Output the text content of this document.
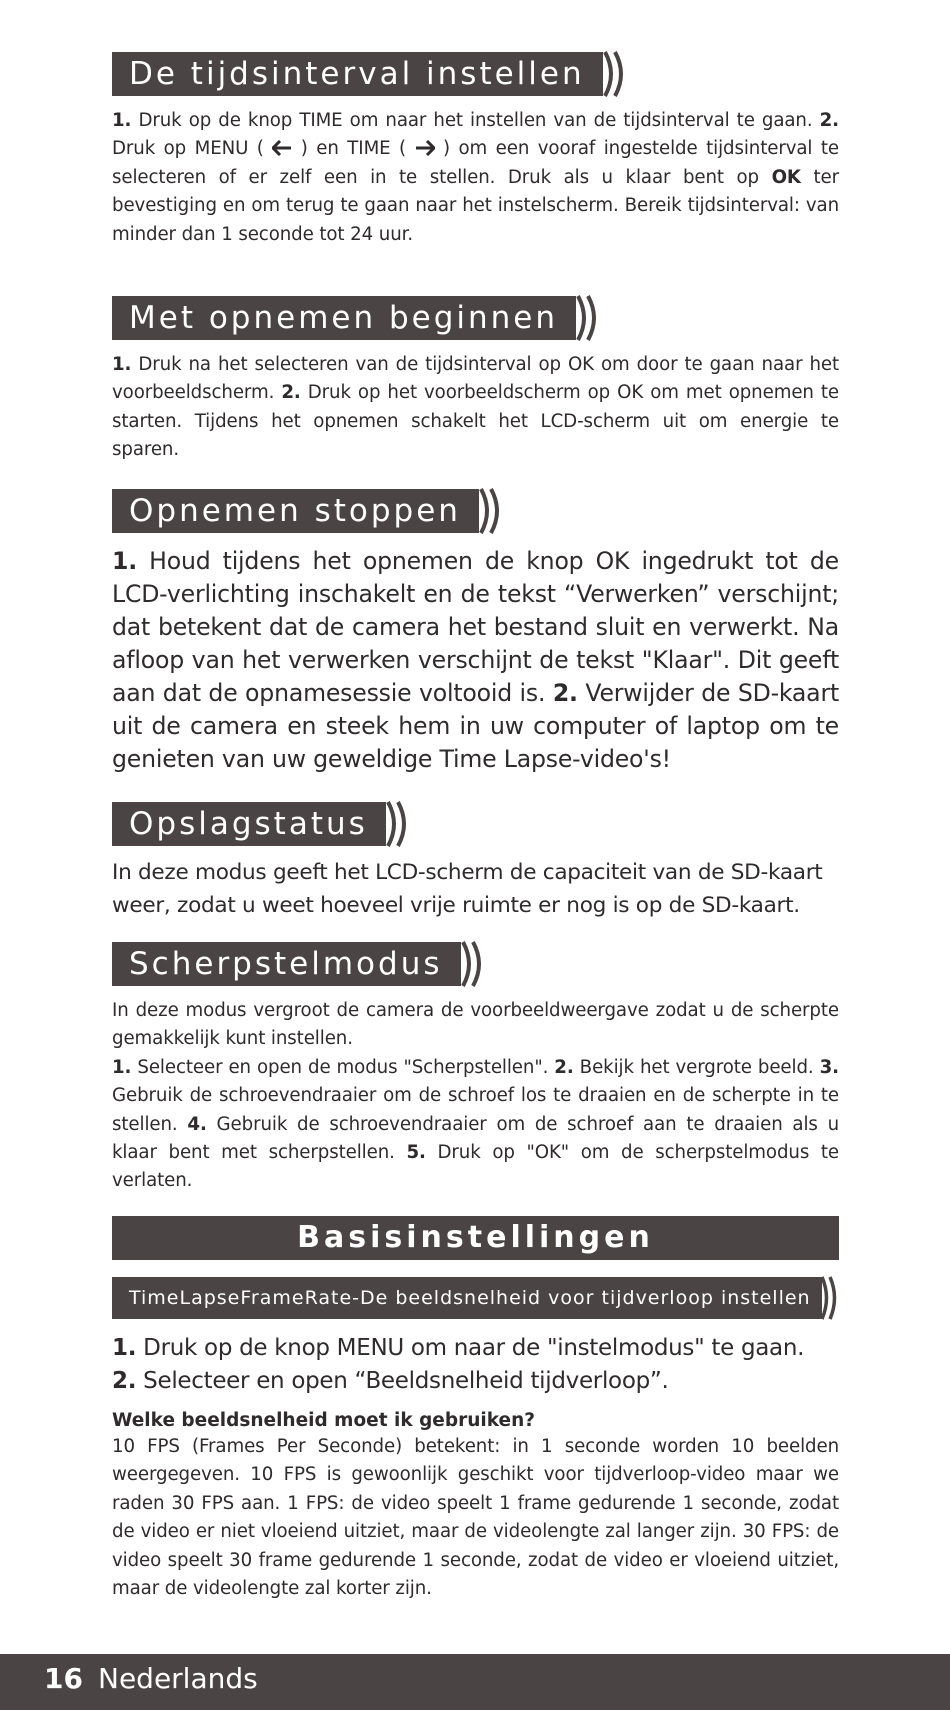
De tijdsinterval instellen

1. Druk op de knop TIME om naar het instellen van de tijdsinterval te gaan. 2. Druk op MENU (  ) en TIME (  ) om een vooraf ingestelde tijdsinterval te selecteren of er zelf een in te stellen. Druk als u klaar bent op OK ter bevestiging en om terug te gaan naar het instelscherm. Bereik tijdsinterval: van minder dan 1 seconde tot 24 uur.

Met opnemen beginnen

1. Druk na het selecteren van de tijdsinterval op OK om door te gaan naar het voorbeeldscherm. 2. Druk op het voorbeeldscherm op OK om met opnemen te starten. Tijdens het opnemen schakelt het LCD-scherm uit om energie te sparen.

Opnemen stoppen

1. Houd tijdens het opnemen de knop OK ingedrukt tot de LCD-verlichting inschakelt en de tekst “Verwerken” verschijnt; dat betekent dat de camera het bestand sluit en verwerkt. Na afloop van het verwerken verschijnt de tekst "Klaar". Dit geeft aan dat de opnamesessie voltooid is. 2. Verwijder de SD-kaart uit de camera en steek hem in uw computer of laptop om te genieten van uw geweldige Time Lapse-video's!

Opslagstatus

In deze modus geeft het LCD-scherm de capaciteit van de SD-kaart weer, zodat u weet hoeveel vrije ruimte er nog is op de SD-kaart.

Scherpstelmodus

In deze modus vergroot de camera de voorbeeldweergave zodat u de scherpte gemakkelijk kunt instellen.
1. Selecteer en open de modus "Scherpstellen". 2. Bekijk het vergrote beeld. 3. Gebruik de schroevendraaier om de schroef los te draaien en de scherpte in te stellen. 4. Gebruik de schroevendraaier om de schroef aan te draaien als u klaar bent met scherpstellen. 5. Druk op "OK" om de scherpstelmodus te verlaten.

Basisinstellingen
TimeLapseFrameRate-De beeldsnelheid voor tijdverloop instellen
1. Druk op de knop MENU om naar de "instelmodus" te gaan.
2. Selecteer en open “Beeldsnelheid tijdverloop”.

Welke beeldsnelheid moet ik gebruiken?

10 FPS (Frames Per Seconde) betekent: in 1 seconde worden 10 beelden weergegeven. 10 FPS is gewoonlijk geschikt voor tijdverloop-video maar we raden 30 FPS aan. 1 FPS: de video speelt 1 frame gedurende 1 seconde, zodat de video er niet vloeiend uitziet, maar de videolengte zal langer zijn. 30 FPS: de video speelt 30 frame gedurende 1 seconde, zodat de video er vloeiend uitziet, maar de videolengte zal korter zijn.

16 Nederlands
